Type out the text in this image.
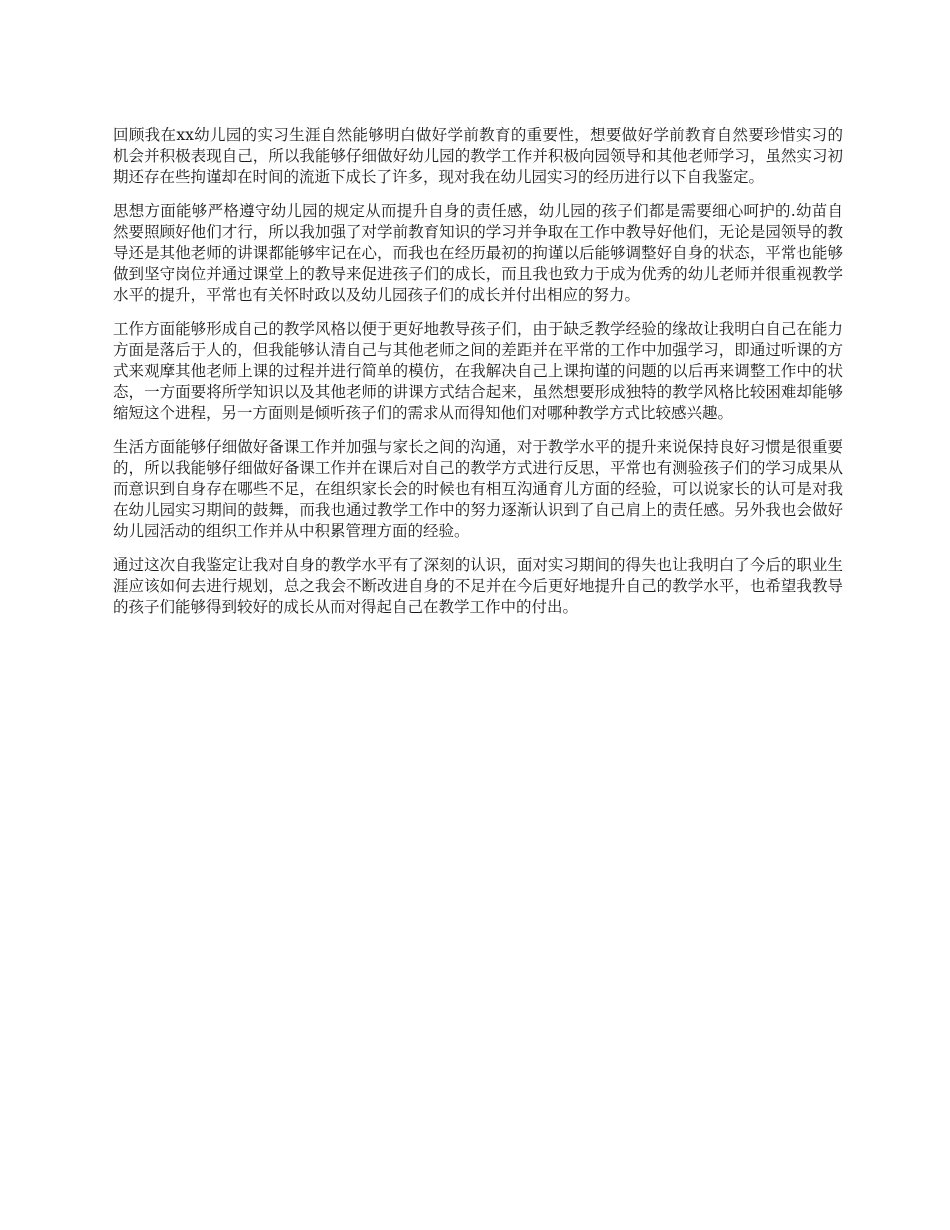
回顾我在xx幼儿园的实习生涯自然能够明白做好学前教育的重要性，想要做好学前教育自然要珍惜实习的机会并积极表现自己，所以我能够仔细做好幼儿园的教学工作并积极向园领导和其他老师学习，虽然实习初期还存在些拘谨却在时间的流逝下成长了许多，现对我在幼儿园实习的经历进行以下自我鉴定。

思想方面能够严格遵守幼儿园的规定从而提升自身的责任感，幼儿园的孩子们都是需要细心呵护的.幼苗自然要照顾好他们才行，所以我加强了对学前教育知识的学习并争取在工作中教导好他们，无论是园领导的教导还是其他老师的讲课都能够牢记在心，而我也在经历最初的拘谨以后能够调整好自身的状态，平常也能够做到坚守岗位并通过课堂上的教导来促进孩子们的成长，而且我也致力于成为优秀的幼儿老师并很重视教学水平的提升，平常也有关怀时政以及幼儿园孩子们的成长并付出相应的努力。

工作方面能够形成自己的教学风格以便于更好地教导孩子们，由于缺乏教学经验的缘故让我明白自己在能力方面是落后于人的，但我能够认清自己与其他老师之间的差距并在平常的工作中加强学习，即通过听课的方式来观摩其他老师上课的过程并进行简单的模仿，在我解决自己上课拘谨的问题的以后再来调整工作中的状态，一方面要将所学知识以及其他老师的讲课方式结合起来，虽然想要形成独特的教学风格比较困难却能够缩短这个进程，另一方面则是倾听孩子们的需求从而得知他们对哪种教学方式比较感兴趣。

生活方面能够仔细做好备课工作并加强与家长之间的沟通，对于教学水平的提升来说保持良好习惯是很重要的，所以我能够仔细做好备课工作并在课后对自己的教学方式进行反思，平常也有测验孩子们的学习成果从而意识到自身存在哪些不足，在组织家长会的时候也有相互沟通育儿方面的经验，可以说家长的认可是对我在幼儿园实习期间的鼓舞，而我也通过教学工作中的努力逐渐认识到了自己肩上的责任感。另外我也会做好幼儿园活动的组织工作并从中积累管理方面的经验。

通过这次自我鉴定让我对自身的教学水平有了深刻的认识，面对实习期间的得失也让我明白了今后的职业生涯应该如何去进行规划，总之我会不断改进自身的不足并在今后更好地提升自己的教学水平，也希望我教导的孩子们能够得到较好的成长从而对得起自己在教学工作中的付出。
